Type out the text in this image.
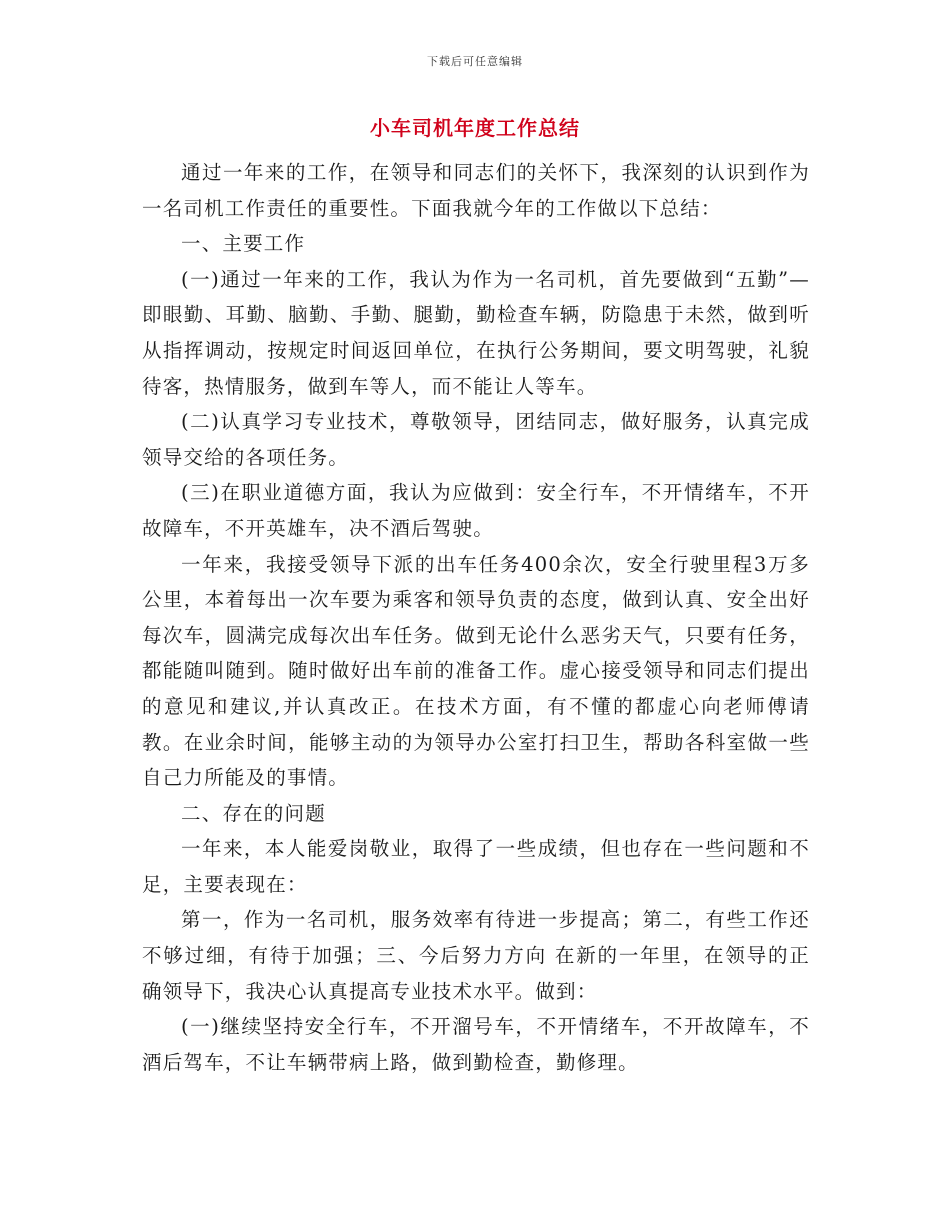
下载后可任意编辑
小车司机年度工作总结

通过一年来的工作，在领导和同志们的关怀下，我深刻的认识到作为一名司机工作责任的重要性。下面我就今年的工作做以下总结：

一、主要工作

(一)通过一年来的工作，我认为作为一名司机，首先要做到“五勤”—即眼勤、耳勤、脑勤、手勤、腿勤，勤检查车辆，防隐患于未然，做到听从指挥调动，按规定时间返回单位，在执行公务期间，要文明驾驶，礼貌待客，热情服务，做到车等人，而不能让人等车。

(二)认真学习专业技术，尊敬领导，团结同志，做好服务，认真完成领导交给的各项任务。

(三)在职业道德方面，我认为应做到：安全行车，不开情绪车，不开故障车，不开英雄车，决不酒后驾驶。

一年来，我接受领导下派的出车任务400余次，安全行驶里程3万多公里，本着每出一次车要为乘客和领导负责的态度，做到认真、安全出好每次车，圆满完成每次出车任务。做到无论什么恶劣天气，只要有任务，都能随叫随到。随时做好出车前的准备工作。虚心接受领导和同志们提出的意见和建议,并认真改正。在技术方面，有不懂的都虚心向老师傅请教。在业余时间，能够主动的为领导办公室打扫卫生，帮助各科室做一些自己力所能及的事情。

二、存在的问题

一年来，本人能爱岗敬业，取得了一些成绩，但也存在一些问题和不足，主要表现在：

第一，作为一名司机，服务效率有待进一步提高；第二，有些工作还不够过细，有待于加强；三、今后努力方向 在新的一年里，在领导的正确领导下，我决心认真提高专业技术水平。做到：

(一)继续坚持安全行车，不开溜号车，不开情绪车，不开故障车，不酒后驾车，不让车辆带病上路，做到勤检查，勤修理。
